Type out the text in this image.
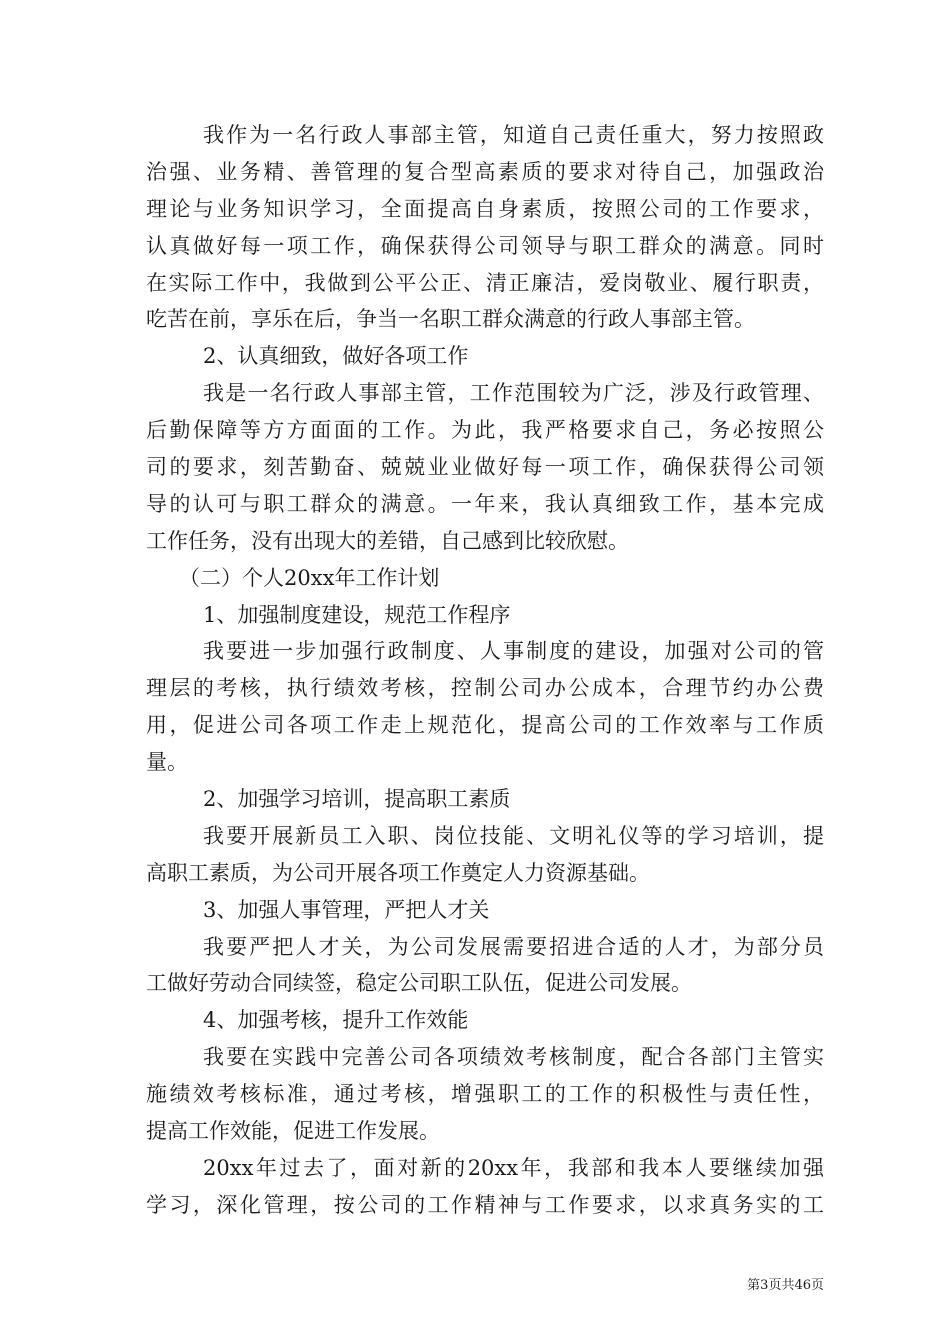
我作为一名行政人事部主管，知道自己责任重大，努力按照政
治强、业务精、善管理的复合型高素质的要求对待自己，加强政治
理论与业务知识学习，全面提高自身素质，按照公司的工作要求，
认真做好每一项工作，确保获得公司领导与职工群众的满意。同时
在实际工作中，我做到公平公正、清正廉洁，爱岗敬业、履行职责，
吃苦在前，享乐在后，争当一名职工群众满意的行政人事部主管。
2、认真细致，做好各项工作
我是一名行政人事部主管，工作范围较为广泛，涉及行政管理、
后勤保障等方方面面的工作。为此，我严格要求自己，务必按照公
司的要求，刻苦勤奋、兢兢业业做好每一项工作，确保获得公司领
导的认可与职工群众的满意。一年来，我认真细致工作，基本完成
工作任务，没有出现大的差错，自己感到比较欣慰。
（二）个人20xx年工作计划
1、加强制度建设，规范工作程序
我要进一步加强行政制度、人事制度的建设，加强对公司的管
理层的考核，执行绩效考核，控制公司办公成本，合理节约办公费
用，促进公司各项工作走上规范化，提高公司的工作效率与工作质
量。
2、加强学习培训，提高职工素质
我要开展新员工入职、岗位技能、文明礼仪等的学习培训，提
高职工素质，为公司开展各项工作奠定人力资源基础。
3、加强人事管理，严把人才关
我要严把人才关，为公司发展需要招进合适的人才，为部分员
工做好劳动合同续签，稳定公司职工队伍，促进公司发展。
4、加强考核，提升工作效能
我要在实践中完善公司各项绩效考核制度，配合各部门主管实
施绩效考核标准，通过考核，增强职工的工作的积极性与责任性，
提高工作效能，促进工作发展。
20xx年过去了，面对新的20xx年，我部和我本人要继续加强
学习，深化管理，按公司的工作精神与工作要求，以求真务实的工
第3页共46页
